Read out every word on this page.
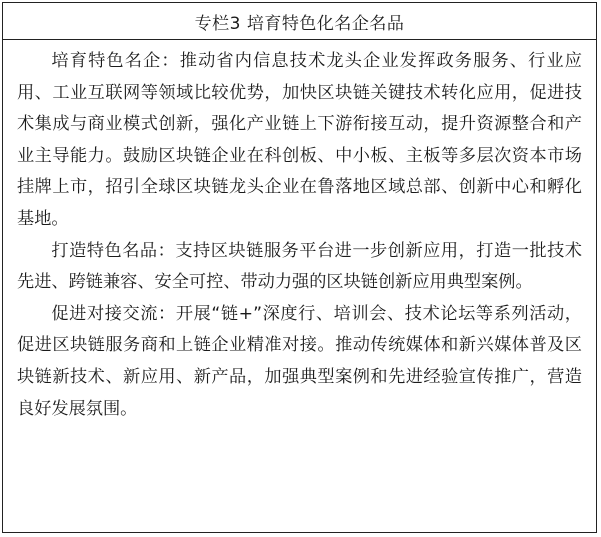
专栏3 培育特色化名企名品

培育特色名企：推动省内信息技术龙头企业发挥政务服务、行业应用、工业互联网等领域比较优势，加快区块链关键技术转化应用，促进技术集成与商业模式创新，强化产业链上下游衔接互动，提升资源整合和产业主导能力。鼓励区块链企业在科创板、中小板、主板等多层次资本市场挂牌上市，招引全球区块链龙头企业在鲁落地区域总部、创新中心和孵化基地。

打造特色名品：支持区块链服务平台进一步创新应用，打造一批技术先进、跨链兼容、安全可控、带动力强的区块链创新应用典型案例。

促进对接交流：开展“链+”深度行、培训会、技术论坛等系列活动，促进区块链服务商和上链企业精准对接。推动传统媒体和新兴媒体普及区块链新技术、新应用、新产品，加强典型案例和先进经验宣传推广，营造良好发展氛围。
